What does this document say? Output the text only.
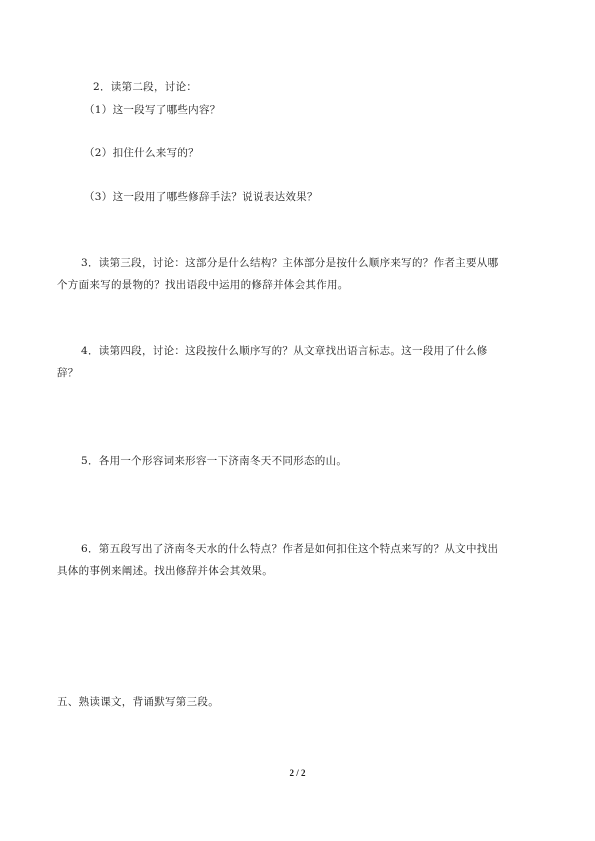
2．读第二段，讨论：
（1）这一段写了哪些内容？
（2）扣住什么来写的？
（3）这一段用了哪些修辞手法？说说表达效果？
3．读第三段，讨论：这部分是什么结构？主体部分是按什么顺序来写的？作者主要从哪
个方面来写的景物的？找出语段中运用的修辞并体会其作用。
4．读第四段，讨论：这段按什么顺序写的？从文章找出语言标志。这一段用了什么修
辞？
5．各用一个形容词来形容一下济南冬天不同形态的山。
6．第五段写出了济南冬天水的什么特点？作者是如何扣住这个特点来写的？从文中找出
具体的事例来阐述。找出修辞并体会其效果。
五、熟读课文，背诵默写第三段。
2 / 2
